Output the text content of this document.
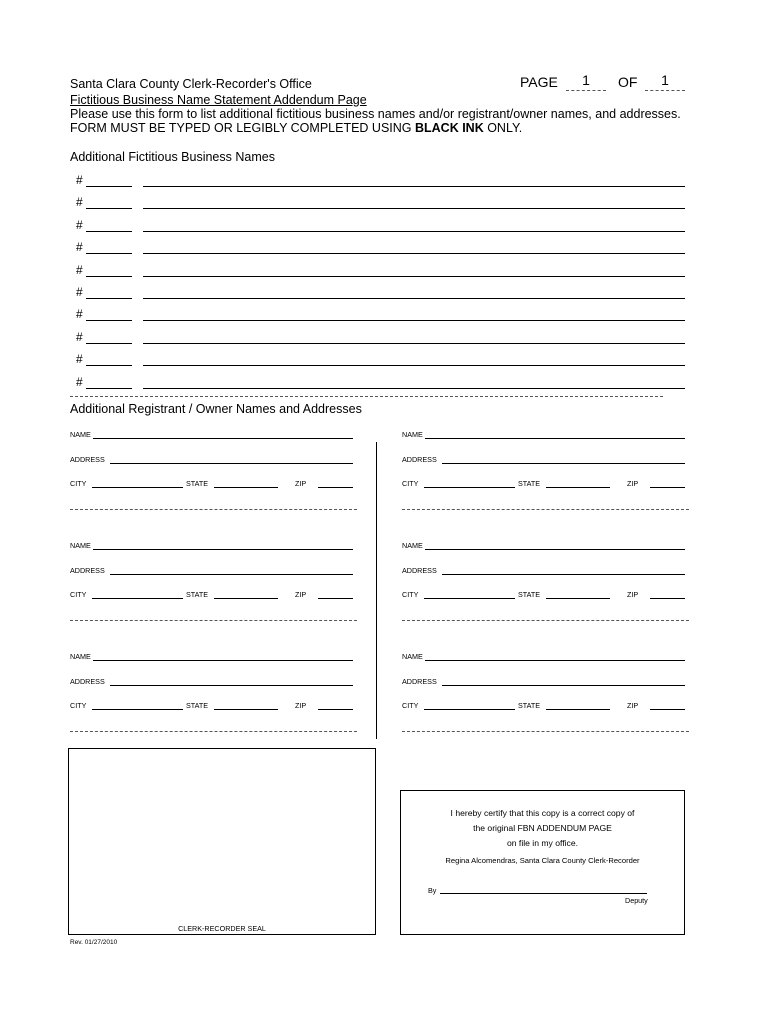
Santa Clara County Clerk-Recorder's Office	PAGE	1	OF	1
Fictitious Business Name Statement Addendum Page
Please use this form to list additional fictitious business names and/or registrant/owner names, and addresses.
FORM MUST BE TYPED OR LEGIBLY COMPLETED USING BLACK INK ONLY.
Additional Fictitious Business Names
#
#
#
#
#
#
#
#
#
#
Additional Registrant / Owner Names and Addresses
NAME
ADDRESS
CITY	STATE	ZIP
NAME
ADDRESS
CITY	STATE	ZIP
NAME
ADDRESS
CITY	STATE	ZIP
NAME
ADDRESS
CITY	STATE	ZIP
NAME
ADDRESS
CITY	STATE	ZIP
NAME
ADDRESS
CITY	STATE	ZIP
CLERK-RECORDER SEAL
I hereby certify that this copy is a correct copy of
the original FBN ADDENDUM PAGE
on file in my office.
Regina Alcomendras, Santa Clara County Clerk-Recorder
By
Deputy
Rev. 01/27/2010
